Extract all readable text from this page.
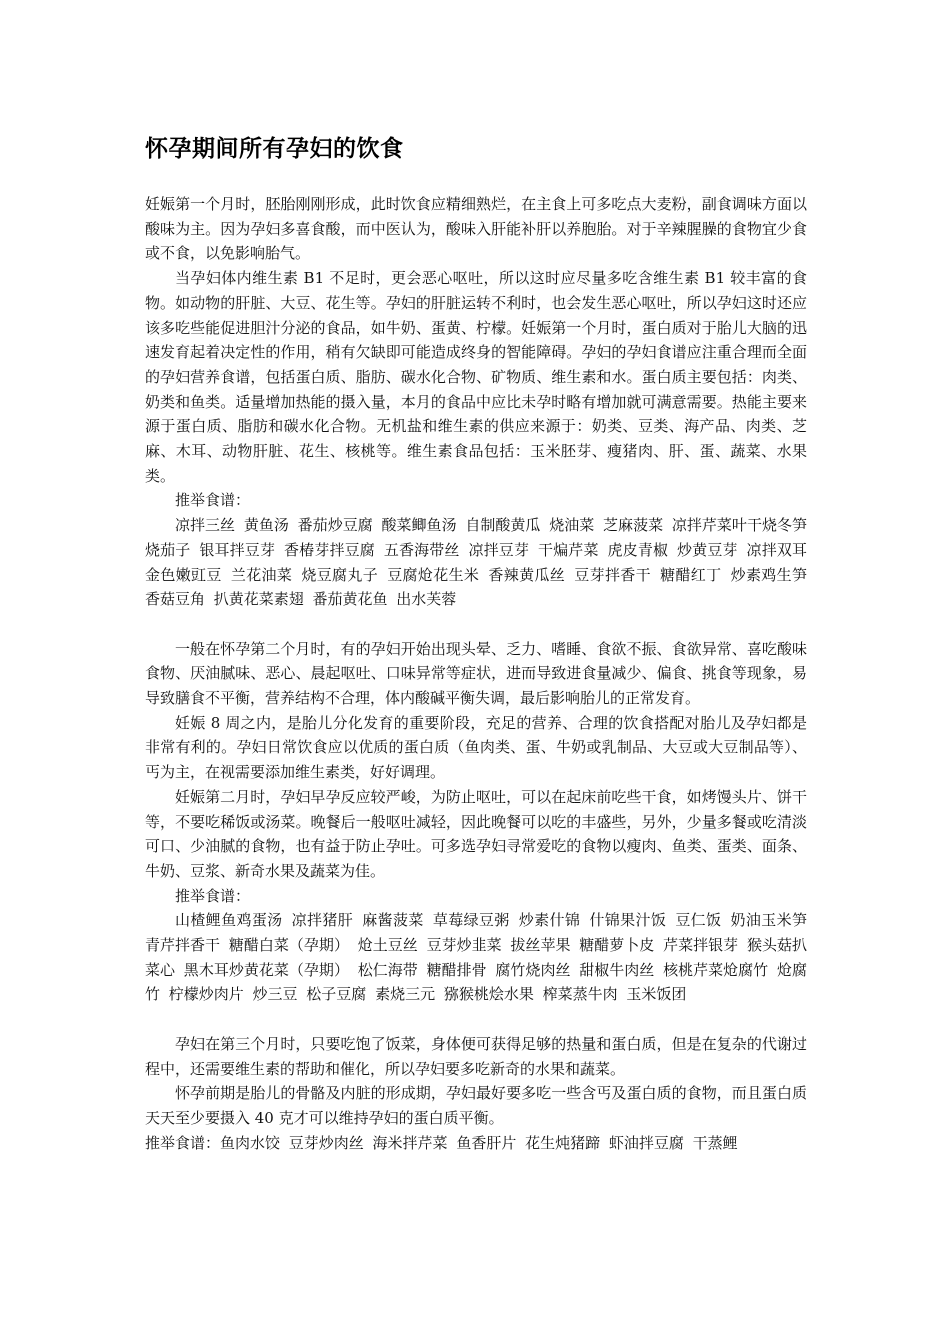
怀孕期间所有孕妇的饮食

妊娠第一个月时，胚胎刚刚形成，此时饮食应精细熟烂，在主食上可多吃点大麦粉，副食调味方面以酸味为主。因为孕妇多喜食酸，而中医认为，酸味入肝能补肝以养胞胎。对于辛辣腥臊的食物宜少食或不食，以免影响胎气。

当孕妇体内维生素 B1 不足时，更会恶心呕吐，所以这时应尽量多吃含维生素 B1 较丰富的食物。如动物的肝脏、大豆、花生等。孕妇的肝脏运转不利时，也会发生恶心呕吐，所以孕妇这时还应该多吃些能促进胆汁分泌的食品，如牛奶、蛋黄、柠檬。妊娠第一个月时，蛋白质对于胎儿大脑的迅速发育起着决定性的作用，稍有欠缺即可能造成终身的智能障碍。孕妇的孕妇食谱应注重合理而全面的孕妇营养食谱，包括蛋白质、脂肪、碳水化合物、矿物质、维生素和水。蛋白质主要包括：肉类、奶类和鱼类。适量增加热能的摄入量，本月的食品中应比未孕时略有增加就可满意需要。热能主要来源于蛋白质、脂肪和碳水化合物。无机盐和维生素的供应来源于：奶类、豆类、海产品、肉类、芝麻、木耳、动物肝脏、花生、核桃等。维生素食品包括：玉米胚芽、瘦猪肉、肝、蛋、蔬菜、水果类。

推举食谱：

凉拌三丝 黄鱼汤 番茄炒豆腐 酸菜鲫鱼汤 自制酸黄瓜 烧油菜 芝麻菠菜 凉拌芹菜叶干烧冬笋 烧茄子 银耳拌豆芽 香椿芽拌豆腐 五香海带丝 凉拌豆芽 干煸芹菜 虎皮青椒 炒黄豆芽 凉拌双耳 金色嫩豇豆 兰花油菜 烧豆腐丸子 豆腐炝花生米 香辣黄瓜丝 豆芽拌香干 糖醋红丁 炒素鸡生笋 香菇豆角 扒黄花菜素翅 番茄黄花鱼 出水芙蓉

一般在怀孕第二个月时，有的孕妇开始出现头晕、乏力、嗜睡、食欲不振、食欲异常、喜吃酸味食物、厌油腻味、恶心、晨起呕吐、口味异常等症状，进而导致进食量减少、偏食、挑食等现象，易导致膳食不平衡，营养结构不合理，体内酸碱平衡失调，最后影响胎儿的正常发育。

妊娠 8 周之内，是胎儿分化发育的重要阶段，充足的营养、合理的饮食搭配对胎儿及孕妇都是非常有利的。孕妇日常饮食应以优质的蛋白质（鱼肉类、蛋、牛奶或乳制品、大豆或大豆制品等）、丐为主，在视需要添加维生素类，好好调理。

妊娠第二月时，孕妇早孕反应较严峻，为防止呕吐，可以在起床前吃些干食，如烤馒头片、饼干等，不要吃稀饭或汤菜。晚餐后一般呕吐减轻，因此晚餐可以吃的丰盛些，另外，少量多餐或吃清淡可口、少油腻的食物，也有益于防止孕吐。可多选孕妇寻常爱吃的食物以瘦肉、鱼类、蛋类、面条、牛奶、豆浆、新奇水果及蔬菜为佳。

推举食谱：

山楂鲤鱼鸡蛋汤 凉拌猪肝 麻酱菠菜 草莓绿豆粥 炒素什锦 什锦果汁饭 豆仁饭 奶油玉米笋 青芹拌香干 糖醋白菜（孕期） 炝土豆丝 豆芽炒韭菜 拔丝苹果 糖醋萝卜皮 芹菜拌银芽 猴头菇扒菜心 黑木耳炒黄花菜（孕期） 松仁海带 糖醋排骨 腐竹烧肉丝 甜椒牛肉丝 核桃芹菜炝腐竹 炝腐竹 柠檬炒肉片 炒三豆 松子豆腐 素烧三元 猕猴桃烩水果 榨菜蒸牛肉 玉米饭团

孕妇在第三个月时，只要吃饱了饭菜，身体便可获得足够的热量和蛋白质，但是在复杂的代谢过程中，还需要维生素的帮助和催化，所以孕妇要多吃新奇的水果和蔬菜。

怀孕前期是胎儿的骨骼及内脏的形成期，孕妇最好要多吃一些含丐及蛋白质的食物，而且蛋白质天天至少要摄入 40 克才可以维持孕妇的蛋白质平衡。

推举食谱：鱼肉水饺 豆芽炒肉丝 海米拌芹菜 鱼香肝片 花生炖猪蹄 虾油拌豆腐 干蒸鲤
